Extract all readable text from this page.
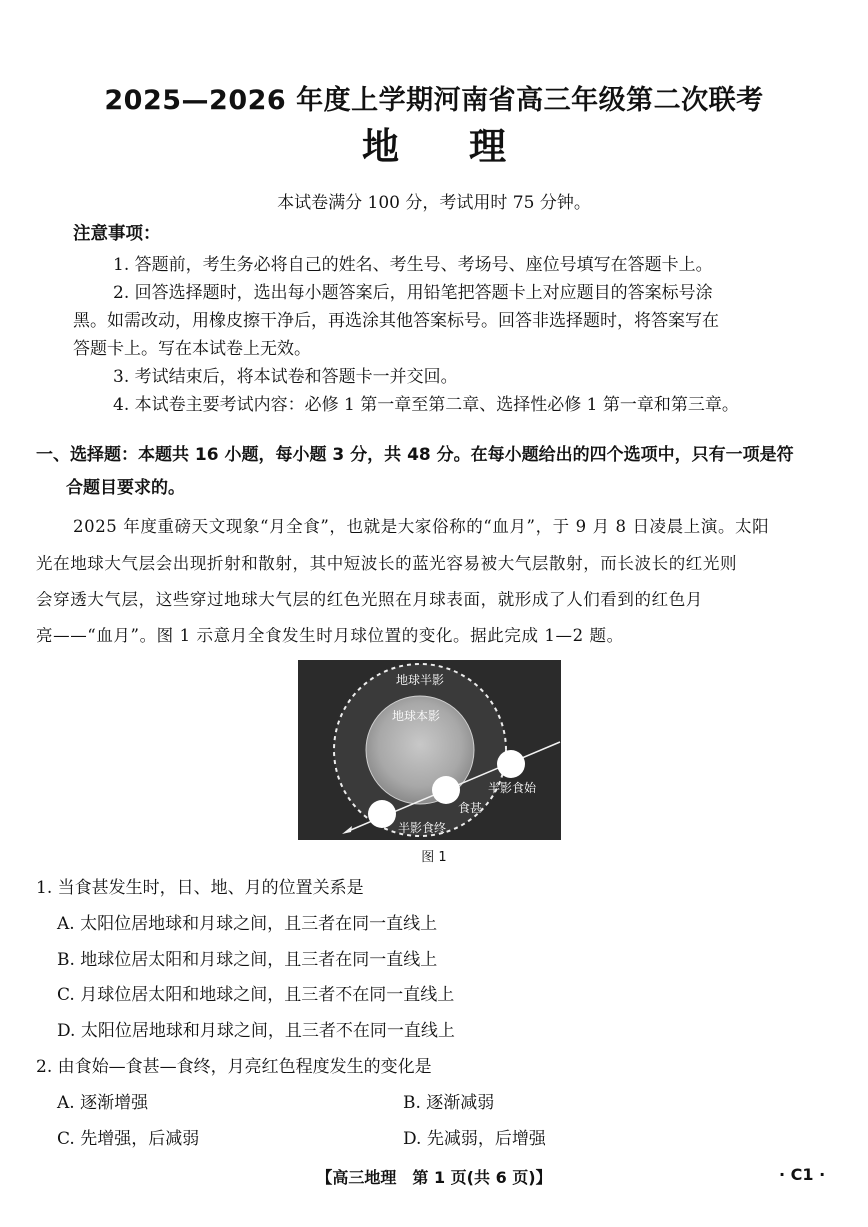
2025—2026 年度上学期河南省高三年级第二次联考
地理
本试卷满分 100 分，考试用时 75 分钟。
注意事项：
1. 答题前，考生务必将自己的姓名、考生号、考场号、座位号填写在答题卡上。
2. 回答选择题时，选出每小题答案后，用铅笔把答题卡上对应题目的答案标号涂
黑。如需改动，用橡皮擦干净后，再选涂其他答案标号。回答非选择题时，将答案写在
答题卡上。写在本试卷上无效。
3. 考试结束后，将本试卷和答题卡一并交回。
4. 本试卷主要考试内容：必修 1 第一章至第二章、选择性必修 1 第一章和第三章。
一、选择题：本题共 16 小题，每小题 3 分，共 48 分。在每小题给出的四个选项中，只有一项是符
合题目要求的。
2025 年度重磅天文现象“月全食”，也就是大家俗称的“血月”，于 9 月 8 日凌晨上演。太阳
光在地球大气层会出现折射和散射，其中短波长的蓝光容易被大气层散射，而长波长的红光则
会穿透大气层，这些穿过地球大气层的红色光照在月球表面，就形成了人们看到的红色月
亮——“血月”。图 1 示意月全食发生时月球位置的变化。据此完成 1—2 题。
地球半影
地球本影
半影食始
食甚
半影食终
图 1
1. 当食甚发生时，日、地、月的位置关系是
A. 太阳位居地球和月球之间，且三者在同一直线上
B. 地球位居太阳和月球之间，且三者在同一直线上
C. 月球位居太阳和地球之间，且三者不在同一直线上
D. 太阳位居地球和月球之间，且三者不在同一直线上
2. 由食始—食甚—食终，月亮红色程度发生的变化是
A. 逐渐增强	B. 逐渐减弱
C. 先增强，后减弱	D. 先减弱，后增强
【高三地理　第 1 页(共 6 页)】	· C1 ·
